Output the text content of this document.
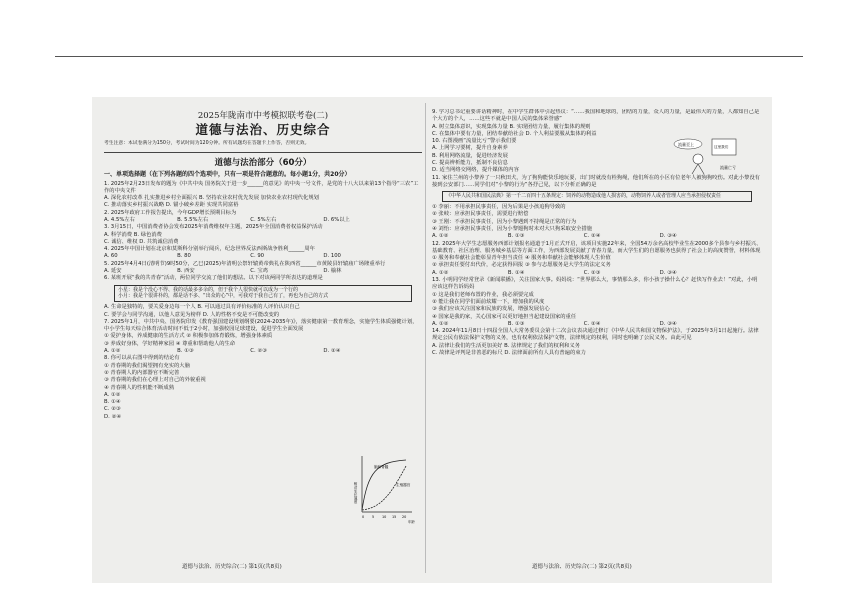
2025年陇南市中考模拟联考卷(二)
道德与法治、历史综合
考生注意：本试卷满分为150分，考试时间为120分钟。所有试题均在答题卡上作答，否则无效。
道德与法治部分（60分）
一、单项选择题（在下列各题的四个选项中，只有一项是符合题意的。每小题1分，共20分）

1. 2025年2月23日发布的题为《中共中央 国务院关于进一步______的意见》的中央一号文件，是党的十八大以来第13个指导“三农”工作的中央文件

A. 深化农村改革 扎实推进乡村全面振兴 B. 坚持农业农村优先发展 加快农业农村现代化规划

C. 推动落实乡村振兴战略 D. 锚小破乡差距 实现共同富裕

2. 2025年政府工作报告提出，今年GDP增长预期目标为

A. 4.5%左右	B. 5.5%左右	C. 5%左右	D. 6%以上

3. 3月15日，中国消费者协会发布2025年消费维权年主题，2025年全国消费者权益保护活动

A. 科学消费 B. 绿色消费
C. 诚信、维权 D. 共筑诚信消费

4. 2025年中国计划在北京和莫斯科分别举行阅兵，纪念世界反法西斯战争胜利______周年

A. 60	B. 80	C. 90	D. 100

5. 2025年4月4日(清明节)9时50分，乙巳(2025)年清明公祭轩辕黄帝典礼在陕西省______市黄陵县轩辕庙广场隆重举行

A. 延安	B. 西安	C. 宝鸡	D. 榆林

6. 某班开展“我的共青春”活动，两位同学交流了他们的想法。以下对该两同学所表达的道理是

小星：我是个没心不得、我的话最多多余的，但于我个人很快就可以成为一个行的
小月：我是个很讲朴的，都是话不多、“出众的心”中，可我对于我自己有了，再也为自己的方式

A. 生命是独特的，要关爱身边每一个人 B. 可以通过具有评价标准的人评价认识自己

C. 要学会与同学沟通，以他人意见为榜样 D. 人的性格不变是不可能改变的

7. 2025年1月，中共中央、国务院印发《教育强国建设规划纲要(2024-2035年)》，落实健康第一教育理念，实施学生体质强健计划，中小学生每天综合体育活动时间不低于2小时，加强校园足球建设，促进学生全面发展

① 爱护身体，养成健康的生活方式 ② 积极参加体育锻炼，增强身体素质

③ 养成好身体，学好精神家园 ④ 尊重和帮助他人的生命

A. ①②	B. ①③	C. ②③	D. ②④

8. 你可以从右图中得到的结论有

① 青春期的我们渴望拥有充实的大脑

② 青春期人的内部器官不断完善

③ 青春期的我们在心理上对自己的外貌重视

④ 青春期人的性机能不断成熟

A. ①②
B. ①④
C. ②③
D. ②④
相对生长速度
脑和脊髓
生殖器官
0 5 10 15 20
年龄

9. 学习总书记重要讲话精神时，在中学生群体中引起热议：“……我国和地球的，团结的力量，众人的力量，是最伟大的力量，人都知自己是个大方的个人，……这些不就是中国人民的集体荣誉感”

A. 树立集体意识，实现集体力量 B. 实现团结力量，履行集体的规则

C. 在集体中要有力量，团结奉献给社会 D. 个人利益要服从集体的利益

10. 右图漫画“流量比亏”警示我们要

A. 上网学习要树，提升自身素养

B. 利用网络流量，促进经济发展

C. 提高辨析能力，抵制不良信息

D. 适当网络交网络，提升媒体的内容

11. 家住兰州的小黎养了一只秋田犬，为了狗狗能快乐地玩耍，出门时就没有栓狗绳，他们所在的小区有位老年人被狗狗咬伤。对此小黎没有接到公安部门……同学们对“小黎的行为”各抒己见，以下分析正确的是

《中华人民共和国民法典》第一千二百四十五条规定：饲养的动物造成他人损害的，动物饲养人或者管理人应当承担侵权责任

① 李丽：不用承担民事责任，因为后果是小孩追狗导致的

② 张岐：应承担民事责任，需要进行赔偿

③ 王刚：不承担民事责任，因为小黎遇到不持绳是正常的行为

④ 刘怡：应承担民事责任，因为小黎遛狗时未对大只狗采取安全措施

A. ①②	B. ①③	C. ②④	D. ③④

12. 2025年大学生志愿服务西部计划报名通道于1月正式开启，该项目实施22年来，全国54万余名高校毕业生在2000多个县参与乡村振兴、基础教育、社区治理、服务城乡基层等方面工作，为西部发展贡献了青春力量，而大学生们的自愿服务也获得了社会上的高度赞誉，材料体现

① 服务和奉献社会能彰显青年担当责任 ④ 服务和奉献社会能够体现人生价值

② 承担责任要付出代价，必定获得回报 ③ 参与志愿服务是大学生的法定义务

A. ①②	B. ①④	C. ②③	D. ③④

13. 小明同学经常登录《新闻联播》，关注国家大事。妈妈说：“世界那么大，事情那么多，你小孩子操什么心？赶快写作业去！”对此，小明应该这样告诉妈妈

① 这是我们老师布置的作业，我必须要完成

② 能让我在同学们面前炫耀一下，增加我的风度

③ 我们应该关注国家和民族的发展，增强发展信心

④ 国家是我的家，关心国家可以更好地担当起建设国家的重任

A. ①②	B. ①③	C. ②④	D. ③④

14. 2024年11月8日十四届全国人大常务委员会第十二次会议表决通过修订《中华人民共和国文物保护法》，于2025年3月1日起施行。法律规定公民有依法保护文物的义务，也有权利依法保护文物，法律规定的权利，同时也明确了公民义务。由此可见

A. 法律让我们的生活更加美好 B. 法律规定了我们的权利和义务

C. 故律是评判是非善恶的标尺 D. 法律面前所有人具有普遍的束力

流量至上	这里我们
流量亡亏
道德与法治、历史综合(二) 第1页(共8页)	道德与法治、历史综合(二) 第2页(共8页)
